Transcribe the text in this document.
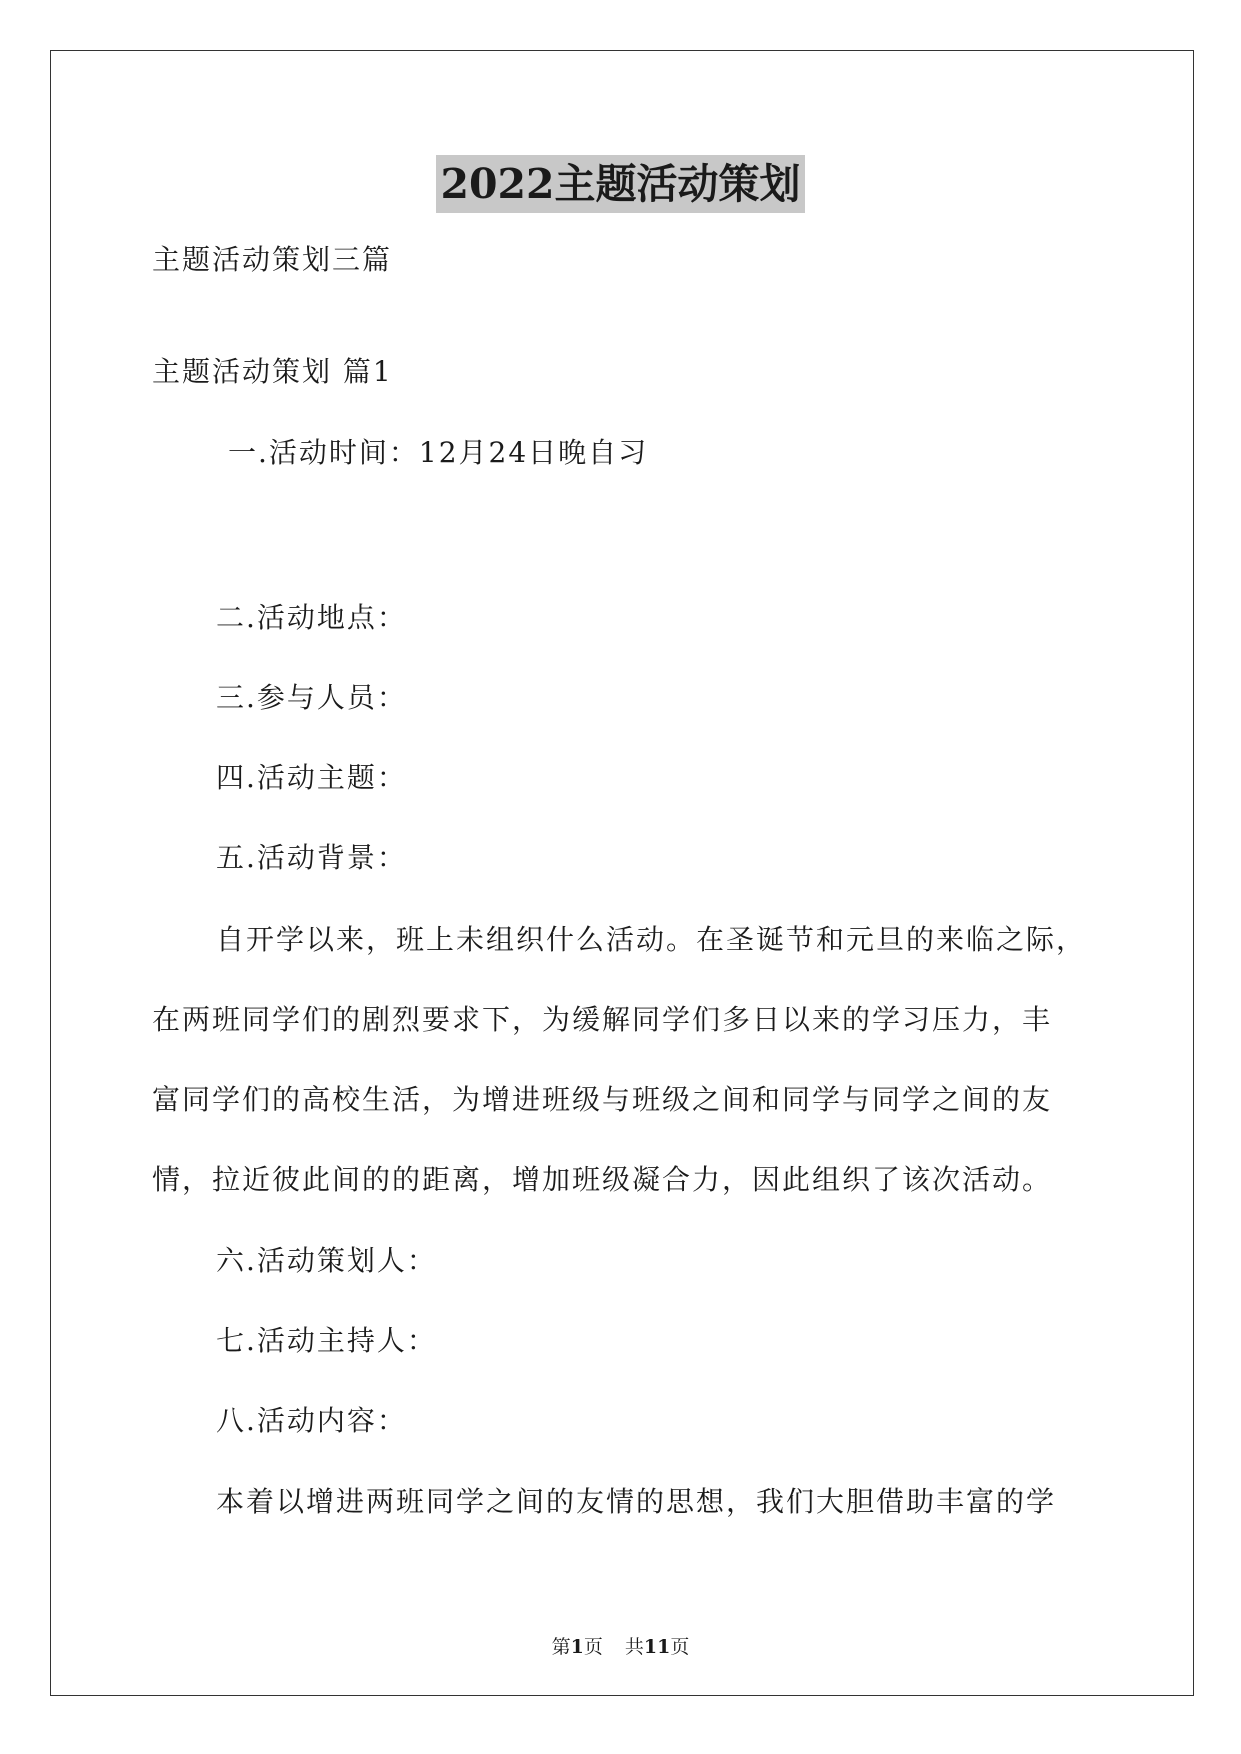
2022主题活动策划
主题活动策划三篇
主题活动策划 篇1
一.活动时间：12月24日晚自习
二.活动地点：
三.参与人员：
四.活动主题：
五.活动背景：
自开学以来，班上未组织什么活动。在圣诞节和元旦的来临之际，
在两班同学们的剧烈要求下，为缓解同学们多日以来的学习压力，丰
富同学们的高校生活，为增进班级与班级之间和同学与同学之间的友
情，拉近彼此间的的距离，增加班级凝合力，因此组织了该次活动。
六.活动策划人：
七.活动主持人：
八.活动内容：
本着以增进两班同学之间的友情的思想，我们大胆借助丰富的学
第1页 共11页
